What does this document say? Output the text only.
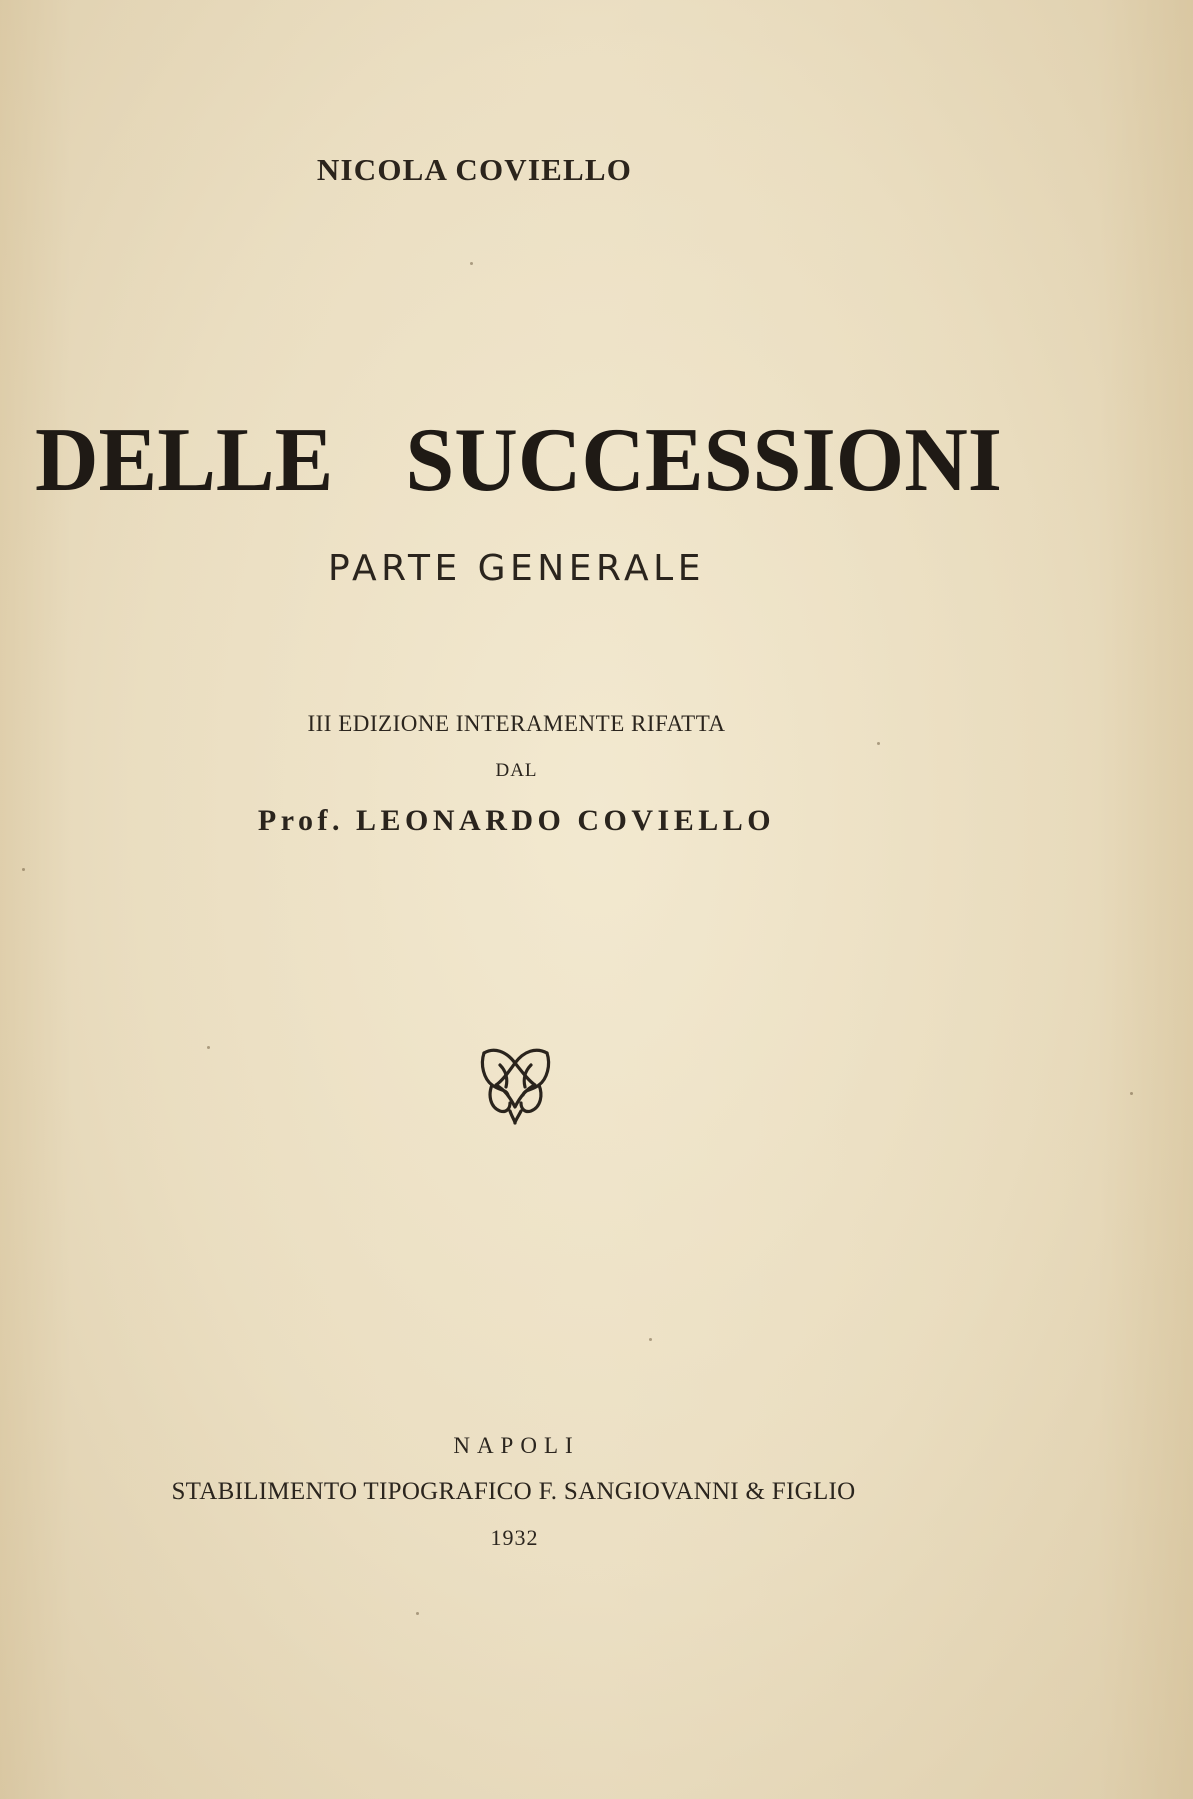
NICOLA COVIELLO
DELLE SUCCESSIONI
PARTE GENERALE
III EDIZIONE INTERAMENTE RIFATTA
DAL
Prof. LEONARDO COVIELLO
NAPOLI
STABILIMENTO TIPOGRAFICO F. SANGIOVANNI & FIGLIO
1932
